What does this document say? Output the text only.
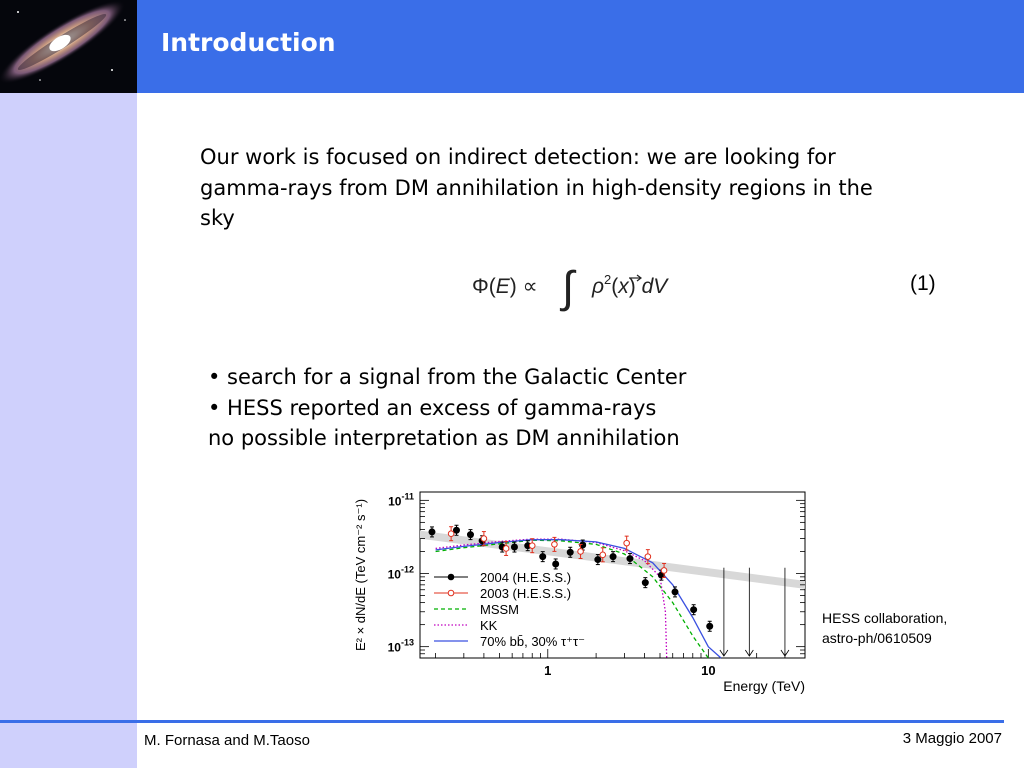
Introduction
Our work is focused on indirect detection: we are looking for gamma-rays from DM annihilation in high-density regions in the sky
Φ(E) ∝ ∫ $\rho^2(x)$ dV	(1)
• search for a signal from the Galactic Center
• HESS reported an excess of gamma-rays
no possible interpretation as DM annihilation
$10^{-11}$
$10^{-12}$
$10^{-13}$
1	10
Energy (TeV)
E² × dN/dE (TeV cm⁻² s⁻¹)	2004 (H.E.S.S.)
2003 (H.E.S.S.)
MSSM
KK
70% bb̄, 30% τ⁺τ⁻
HESS collaboration,
astro-ph/0610509
M. Fornasa and M.Taoso	3 Maggio 2007
